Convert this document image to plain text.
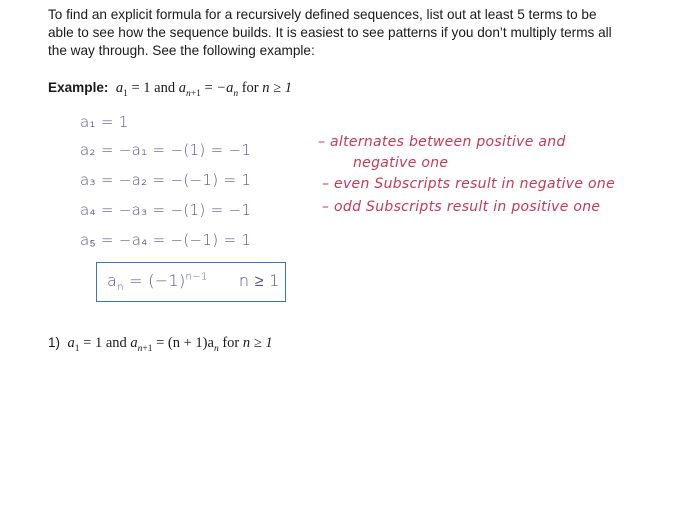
To find an explicit formula for a recursively defined sequences, list out at least 5 terms to be
able to see how the sequence builds. It is easiest to see patterns if you don’t multiply terms all
the way through. See the following example:
Example: $a_1 = 1$ and $a_{n+1} = -a_n$ for n ≥ 1
a₁ = 1
a₂ = −a₁ = −(1) = −1
a₃ = −a₂ = −(−1) = 1
a₄ = −a₃ = −(1) = −1
a₅ = −a₄ = −(−1) = 1
$a_n = (-1)^{n-1}$ n ≥ 1
– alternates between positive and
negative one
– even Subscripts result in negative one
– odd Subscripts result in positive one
1) $a_1 = 1$ and $a_{n+1} = (n + 1)a_n$ for n ≥ 1
